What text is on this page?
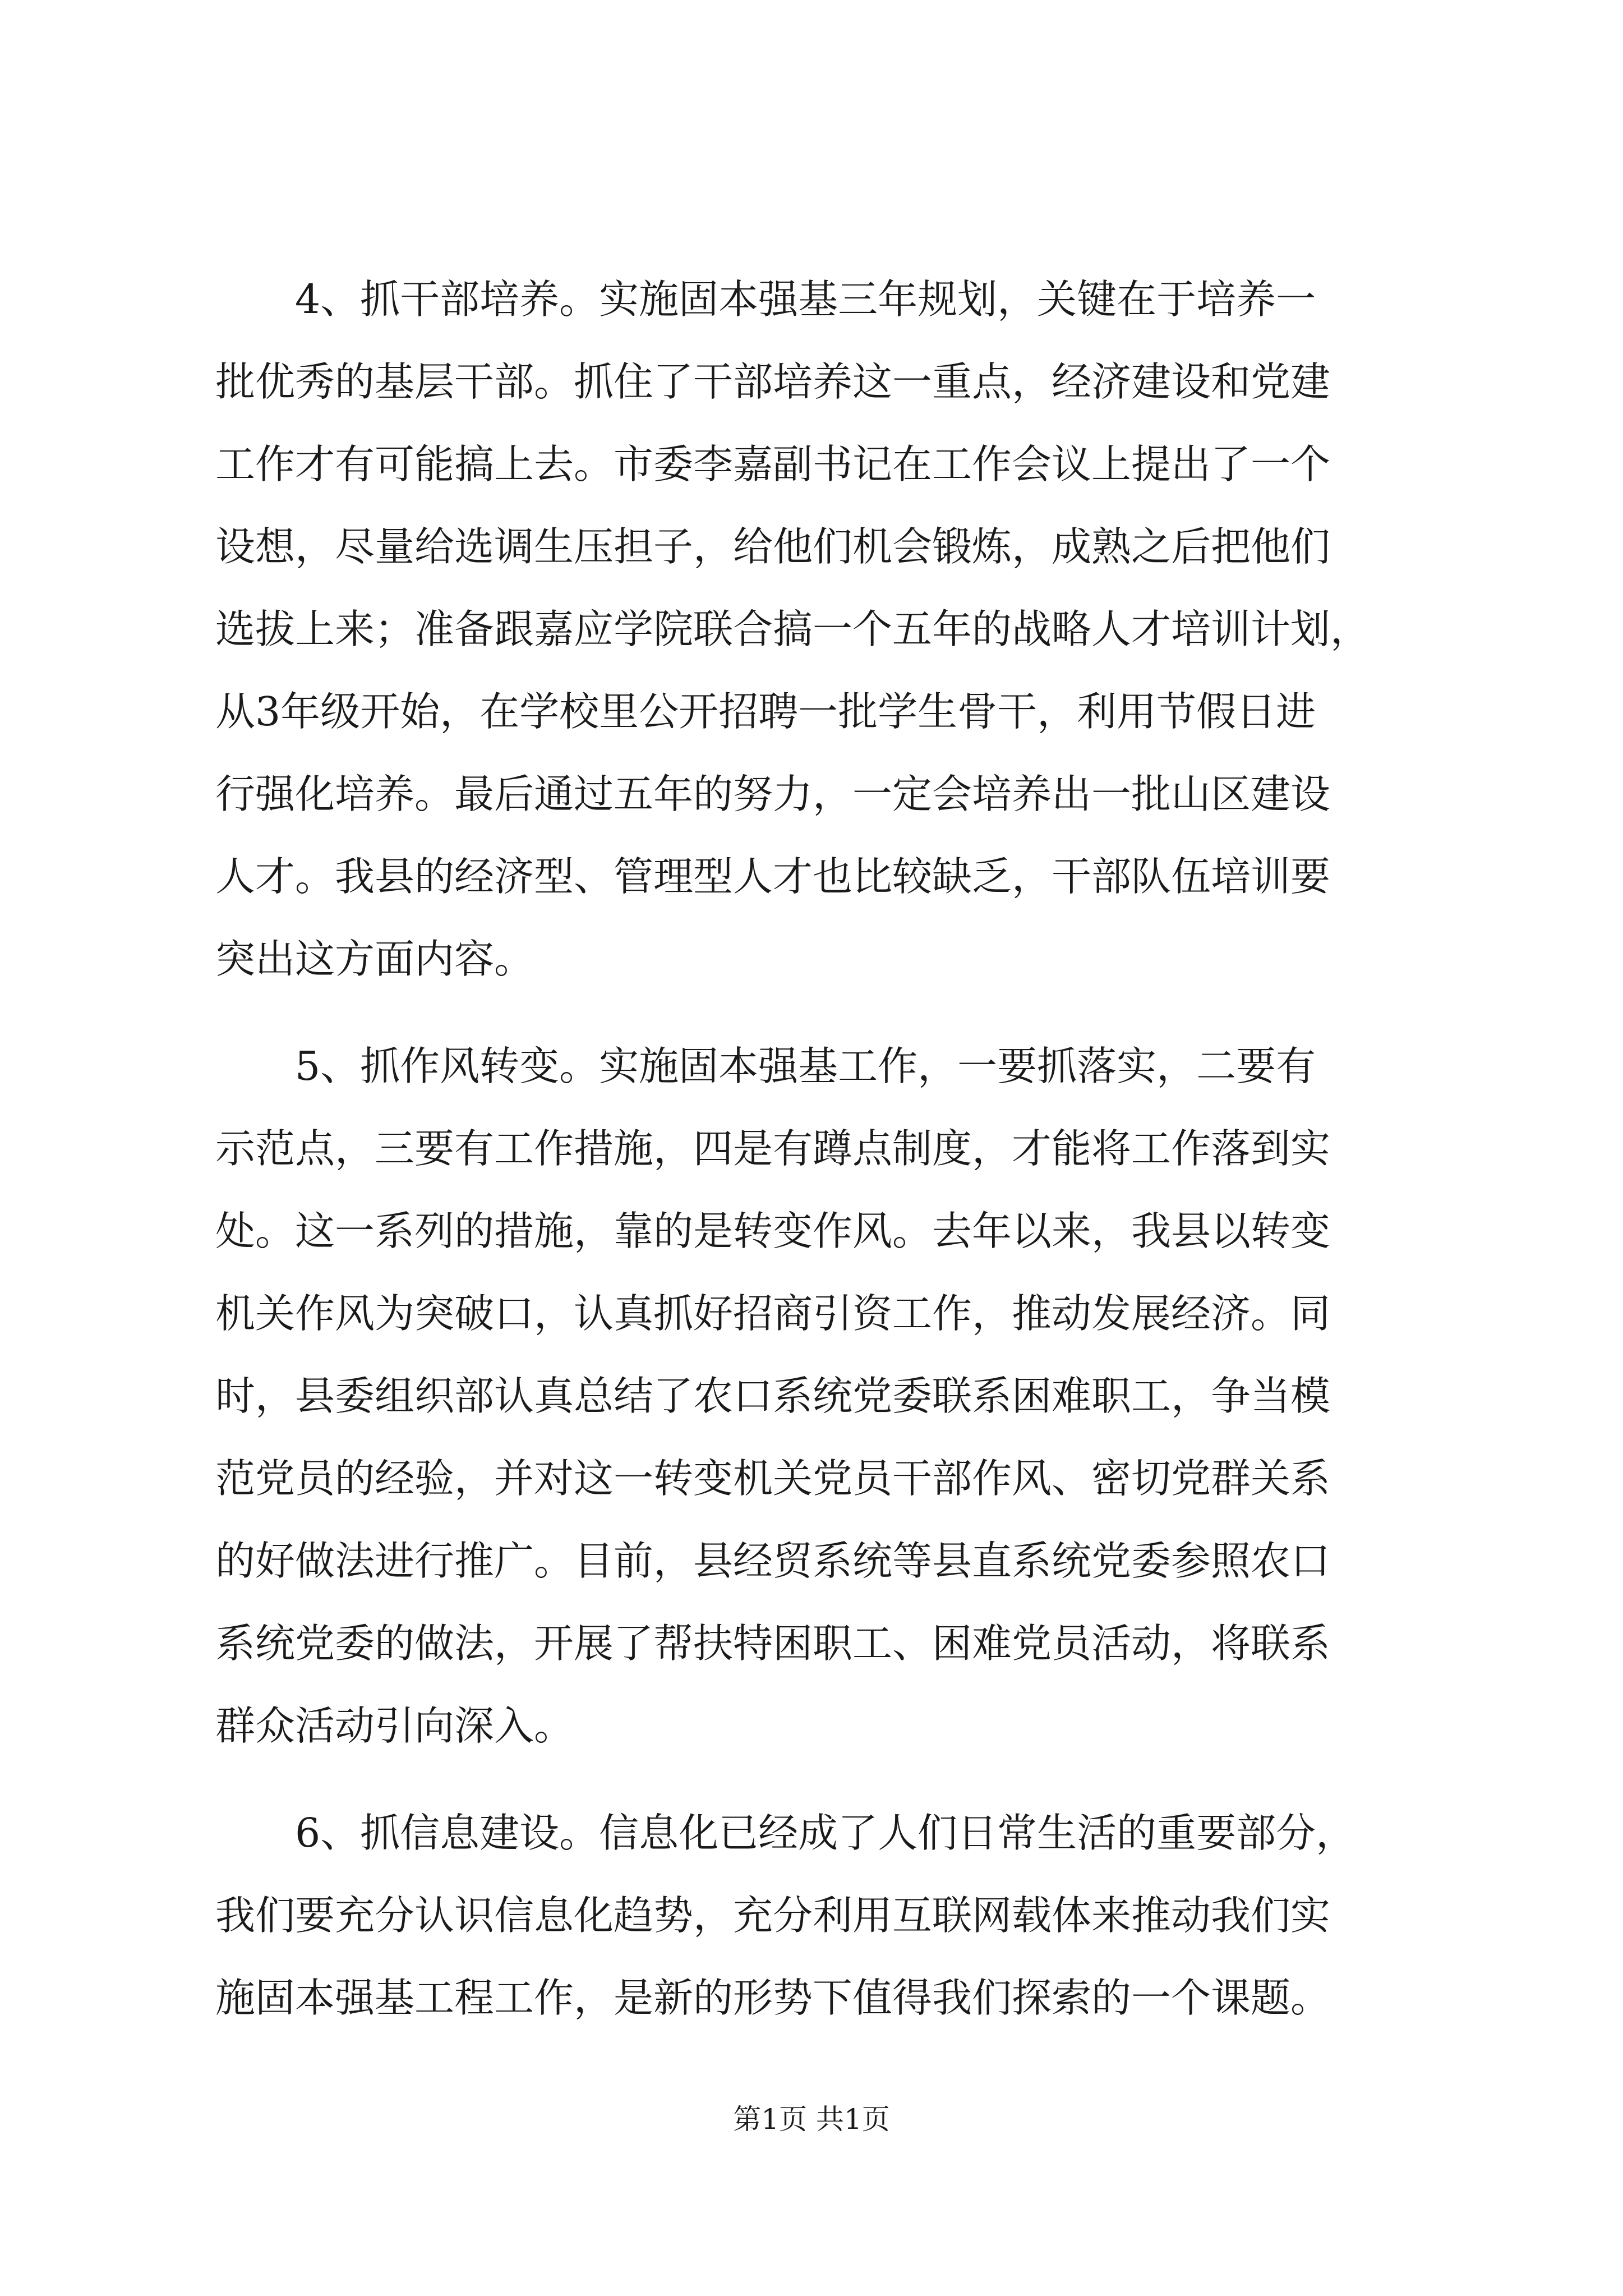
4、抓干部培养。实施固本强基三年规划，关键在于培养一
批优秀的基层干部。抓住了干部培养这一重点，经济建设和党建
工作才有可能搞上去。市委李嘉副书记在工作会议上提出了一个
设想，尽量给选调生压担子，给他们机会锻炼，成熟之后把他们
选拔上来；准备跟嘉应学院联合搞一个五年的战略人才培训计划，
从3年级开始，在学校里公开招聘一批学生骨干，利用节假日进
行强化培养。最后通过五年的努力，一定会培养出一批山区建设
人才。我县的经济型、管理型人才也比较缺乏，干部队伍培训要
突出这方面内容。
5、抓作风转变。实施固本强基工作，一要抓落实，二要有
示范点，三要有工作措施，四是有蹲点制度，才能将工作落到实
处。这一系列的措施，靠的是转变作风。去年以来，我县以转变
机关作风为突破口，认真抓好招商引资工作，推动发展经济。同
时，县委组织部认真总结了农口系统党委联系困难职工，争当模
范党员的经验，并对这一转变机关党员干部作风、密切党群关系
的好做法进行推广。目前，县经贸系统等县直系统党委参照农口
系统党委的做法，开展了帮扶特困职工、困难党员活动，将联系
群众活动引向深入。
6、抓信息建设。信息化已经成了人们日常生活的重要部分，
我们要充分认识信息化趋势，充分利用互联网载体来推动我们实
施固本强基工程工作，是新的形势下值得我们探索的一个课题。
第1页 共1页
